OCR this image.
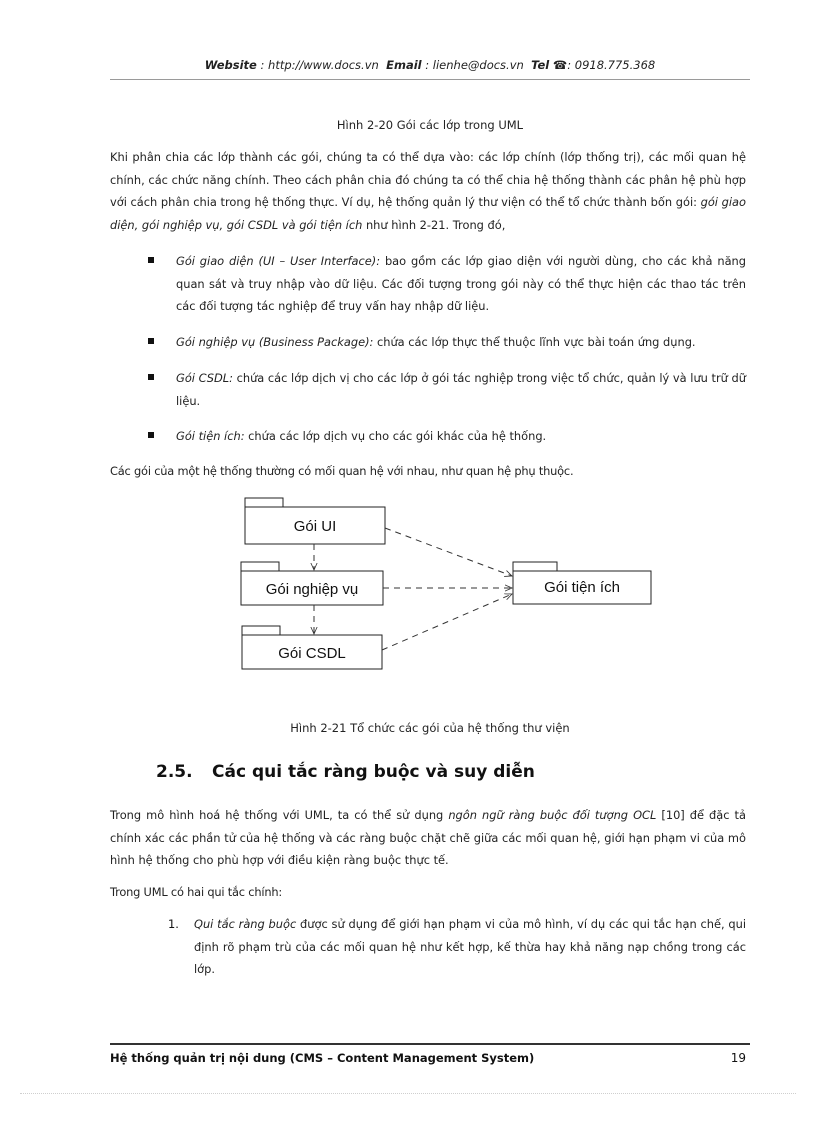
Website : http://www.docs.vn Email : lienhe@docs.vn Tel ☎: 0918.775.368
Hình 2-20 Gói các lớp trong UML

Khi phân chia các lớp thành các gói, chúng ta có thể dựa vào: các lớp chính (lớp thống trị), các mối quan hệ chính, các chức năng chính. Theo cách phân chia đó chúng ta có thể chia hệ thống thành các phân hệ phù hợp với cách phân chia trong hệ thống thực. Ví dụ, hệ thống quản lý thư viện có thể tổ chức thành bốn gói: gói giao diện, gói nghiệp vụ, gói CSDL và gói tiện ích như hình 2-21. Trong đó,

Gói giao diện (UI – User Interface): bao gồm các lớp giao diện với người dùng, cho các khả năng quan sát và truy nhập vào dữ liệu. Các đối tượng trong gói này có thể thực hiện các thao tác trên các đối tượng tác nghiệp để truy vấn hay nhập dữ liệu.
Gói nghiệp vụ (Business Package): chứa các lớp thực thể thuộc lĩnh vực bài toán ứng dụng.
Gói CSDL: chứa các lớp dịch vị cho các lớp ở gói tác nghiệp trong việc tổ chức, quản lý và lưu trữ dữ liệu.
Gói tiện ích: chứa các lớp dịch vụ cho các gói khác của hệ thống.

Các gói của một hệ thống thường có mối quan hệ với nhau, như quan hệ phụ thuộc.

Gói UI
Gói nghiệp vụ
Gói CSDL
Gói tiện ích
Hình 2-21 Tổ chức các gói của hệ thống thư viện
2.5. Các qui tắc ràng buộc và suy diễn

Trong mô hình hoá hệ thống với UML, ta có thể sử dụng ngôn ngữ ràng buộc đối tượng OCL [10] để đặc tả chính xác các phần tử của hệ thống và các ràng buộc chặt chẽ giữa các mối quan hệ, giới hạn phạm vi của mô hình hệ thống cho phù hợp với điều kiện ràng buộc thực tế.

Trong UML có hai qui tắc chính:

1. Qui tắc ràng buộc được sử dụng để giới hạn phạm vi của mô hình, ví dụ các qui tắc hạn chế, qui định rõ phạm trù của các mối quan hệ như kết hợp, kế thừa hay khả năng nạp chồng trong các lớp.
Hệ thống quản trị nội dung (CMS – Content Management System)	19
